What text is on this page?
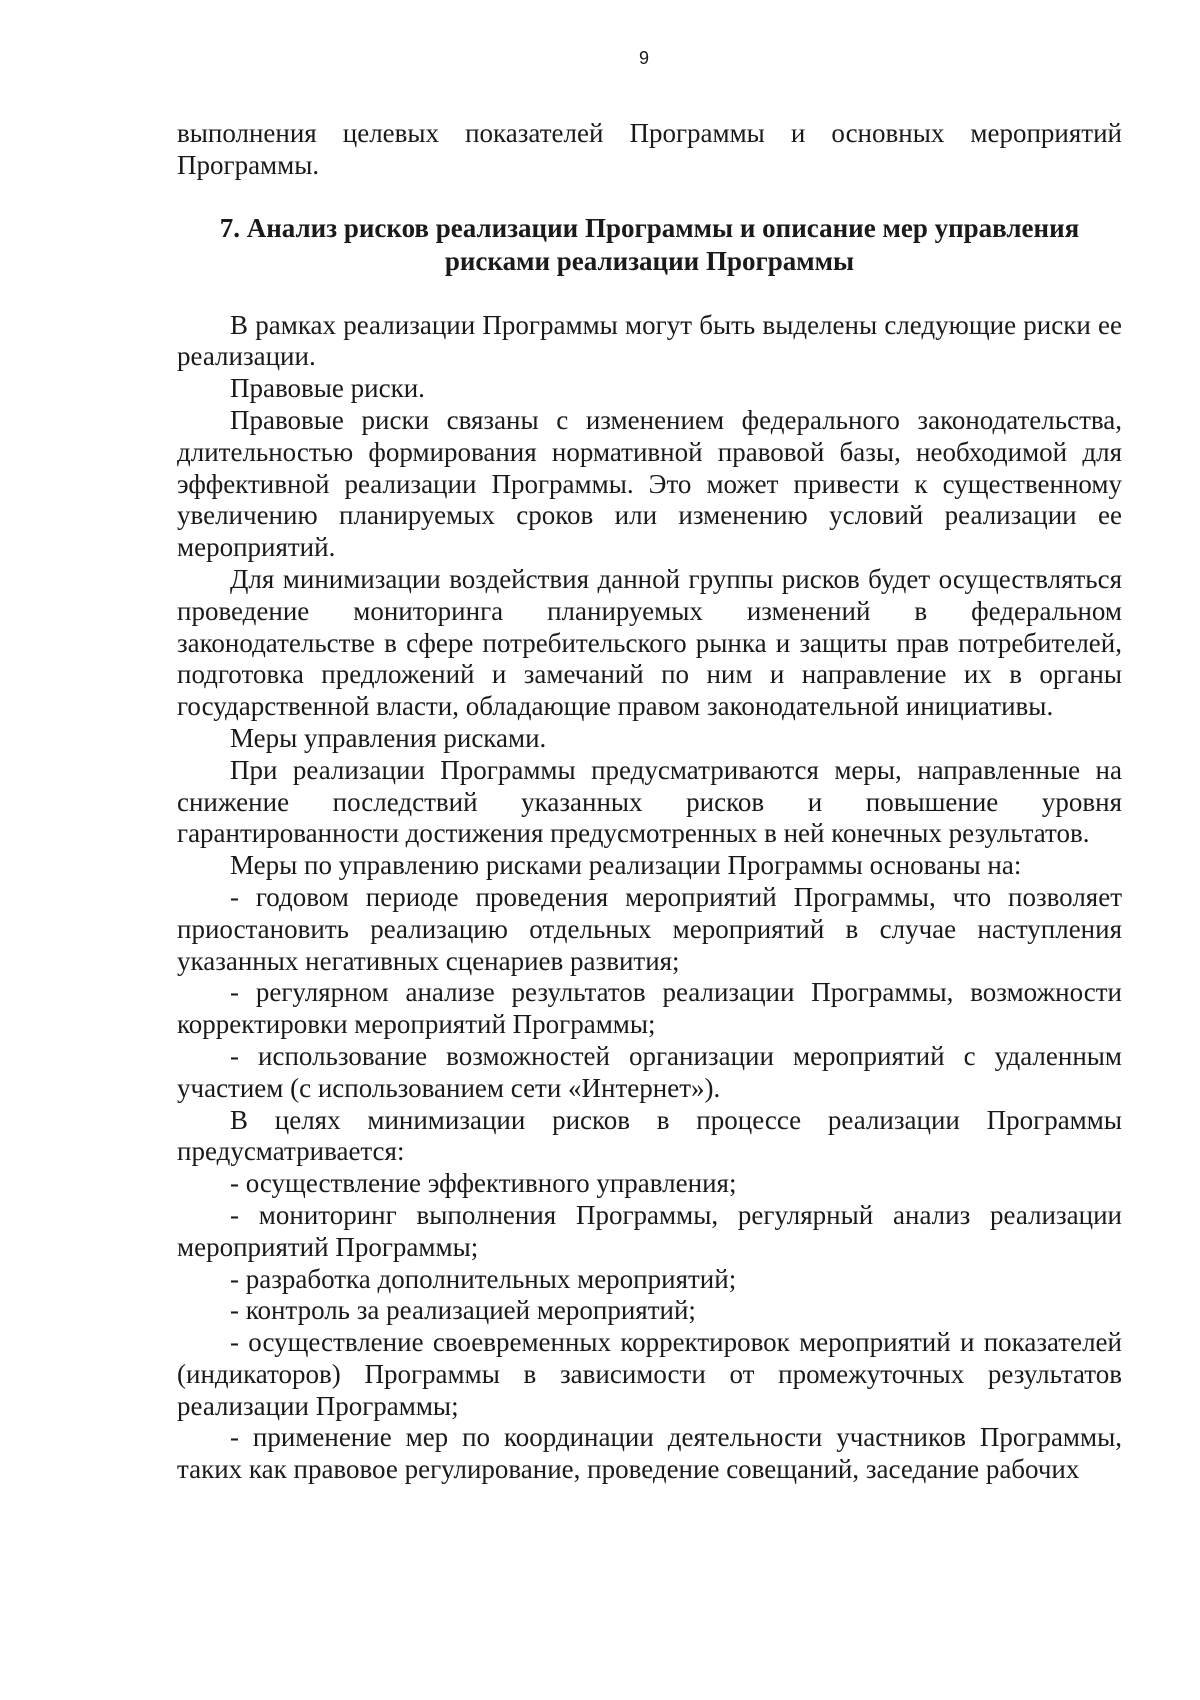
9

выполнения целевых показателей Программы и основных мероприятий Программы.

7. Анализ рисков реализации Программы и описание мер управления рисками реализации Программы

В рамках реализации Программы могут быть выделены следующие риски ее реализации.

Правовые риски.

Правовые риски связаны с изменением федерального законодательства, длительностью формирования нормативной правовой базы, необходимой для эффективной реализации Программы. Это может привести к существенному увеличению планируемых сроков или изменению условий реализации ее мероприятий.

Для минимизации воздействия данной группы рисков будет осуществляться проведение мониторинга планируемых изменений в федеральном законодательстве в сфере потребительского рынка и защиты прав потребителей, подготовка предложений и замечаний по ним и направление их в органы государственной власти, обладающие правом законодательной инициативы.

Меры управления рисками.

При реализации Программы предусматриваются меры, направленные на снижение последствий указанных рисков и повышение уровня гарантированности достижения предусмотренных в ней конечных результатов.

Меры по управлению рисками реализации Программы основаны на:

- годовом периоде проведения мероприятий Программы, что позволяет приостановить реализацию отдельных мероприятий в случае наступления указанных негативных сценариев развития;

- регулярном анализе результатов реализации Программы, возможности корректировки мероприятий Программы;

- использование возможностей организации мероприятий с удаленным участием (с использованием сети «Интернет»).

В целях минимизации рисков в процессе реализации Программы предусматривается:

- осуществление эффективного управления;

- мониторинг выполнения Программы, регулярный анализ реализации мероприятий Программы;

- разработка дополнительных мероприятий;

- контроль за реализацией мероприятий;

- осуществление своевременных корректировок мероприятий и показателей (индикаторов) Программы в зависимости от промежуточных результатов реализации Программы;

- применение мер по координации деятельности участников Программы, таких как правовое регулирование, проведение совещаний, заседание рабочих
